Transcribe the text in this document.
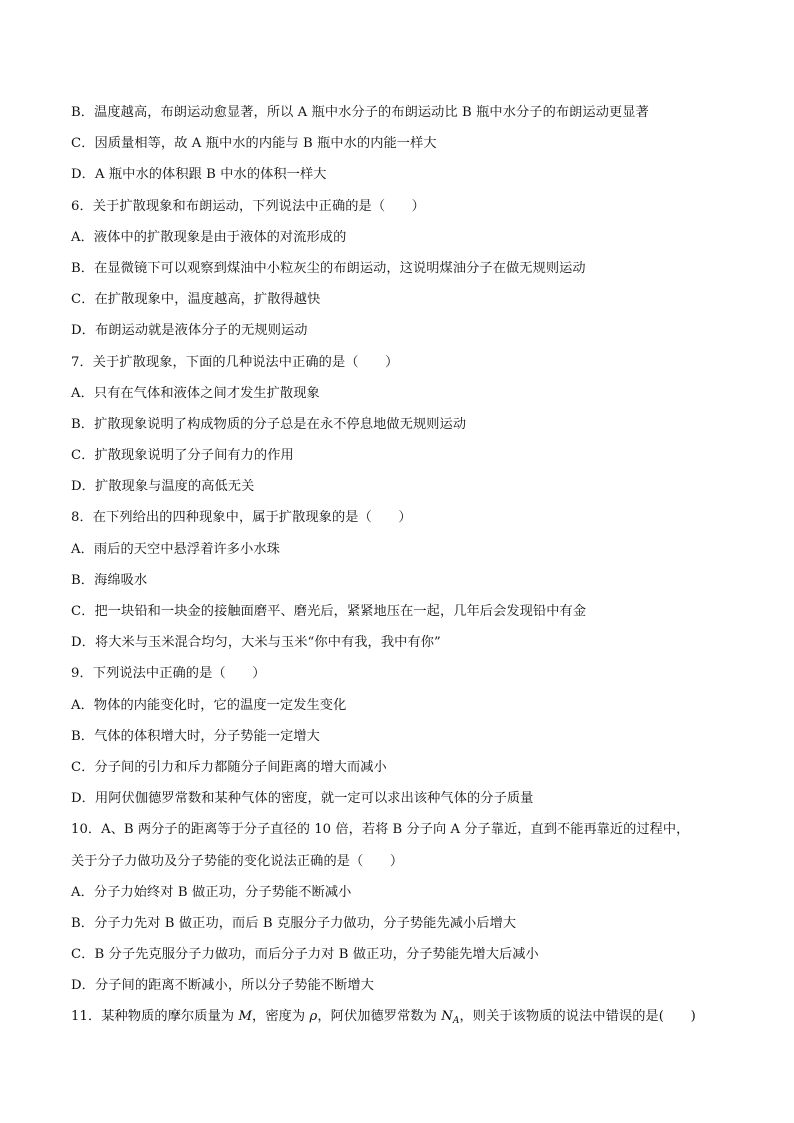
B．温度越高，布朗运动愈显著，所以 A 瓶中水分子的布朗运动比 B 瓶中水分子的布朗运动更显著
C．因质量相等，故 A 瓶中水的内能与 B 瓶中水的内能一样大
D．A 瓶中水的体积跟 B 中水的体积一样大
6．关于扩散现象和布朗运动，下列说法中正确的是（　　）
A．液体中的扩散现象是由于液体的对流形成的
B．在显微镜下可以观察到煤油中小粒灰尘的布朗运动，这说明煤油分子在做无规则运动
C．在扩散现象中，温度越高，扩散得越快
D．布朗运动就是液体分子的无规则运动
7．关于扩散现象，下面的几种说法中正确的是（　　）
A．只有在气体和液体之间才发生扩散现象
B．扩散现象说明了构成物质的分子总是在永不停息地做无规则运动
C．扩散现象说明了分子间有力的作用
D．扩散现象与温度的高低无关
8．在下列给出的四种现象中，属于扩散现象的是（　　）
A．雨后的天空中悬浮着许多小水珠
B．海绵吸水
C．把一块铅和一块金的接触面磨平、磨光后，紧紧地压在一起，几年后会发现铅中有金
D．将大米与玉米混合均匀，大米与玉米“你中有我，我中有你”
9．下列说法中正确的是（　　）
A．物体的内能变化时，它的温度一定发生变化
B．气体的体积增大时，分子势能一定增大
C．分子间的引力和斥力都随分子间距离的增大而减小
D．用阿伏伽德罗常数和某种气体的密度，就一定可以求出该种气体的分子质量
10．A、B 两分子的距离等于分子直径的 10 倍，若将 B 分子向 A 分子靠近，直到不能再靠近的过程中，
关于分子力做功及分子势能的变化说法正确的是（　　）
A．分子力始终对 B 做正功，分子势能不断减小
B．分子力先对 B 做正功，而后 B 克服分子力做功，分子势能先减小后增大
C．B 分子先克服分子力做功，而后分子力对 B 做正功，分子势能先增大后减小
D．分子间的距离不断减小，所以分子势能不断增大
11．某种物质的摩尔质量为 M，密度为 ρ，阿伏加德罗常数为 $N_A$，则关于该物质的说法中错误的是(　　)
